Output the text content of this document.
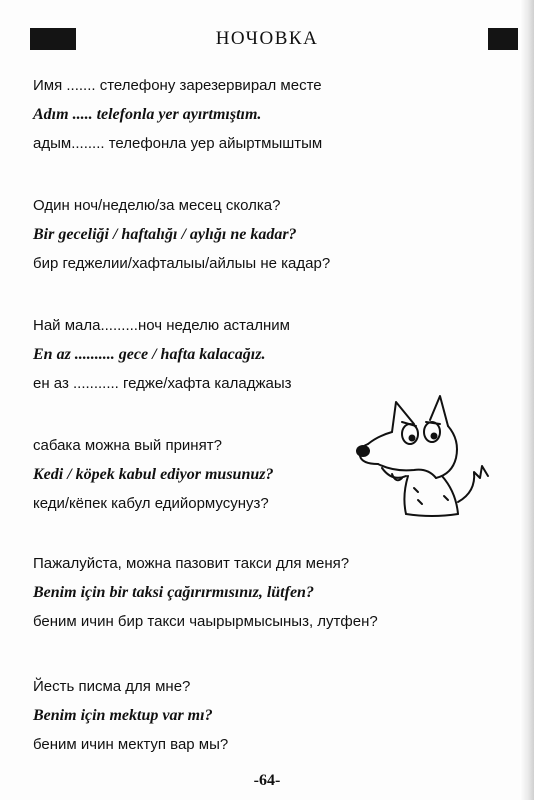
НОЧОВКА
Имя ....... стелефону зарезервирал месте
Adım ..... telefonla yer ayırtmıştım.
адым........ телефонла уер айыртмыштым
Один ноч/неделю/за месец сколка?
Bir geceliği / haftalığı / aylığı ne kadar?
бир геджелии/хафталыы/айлыы не кадар?
Най мала.........ноч неделю асталним
En az .......... gece / hafta kalacağız.
ен аз ........... гедже/хафта каладжаыз
сабака можна вый принят?
Kedi / köpek kabul ediyor musunuz?
кеди/кёпек кабул едийормусунуз?
Пажалуйста, можна пазовит такси для меня?
Benim için bir taksi çağırırmısınız, lütfen?
беним ичин бир такси чаырырмысыныз, лутфен?
Йесть писма для мне?
Benim için mektup var mı?
беним ичин мектуп вар мы?
-64-
